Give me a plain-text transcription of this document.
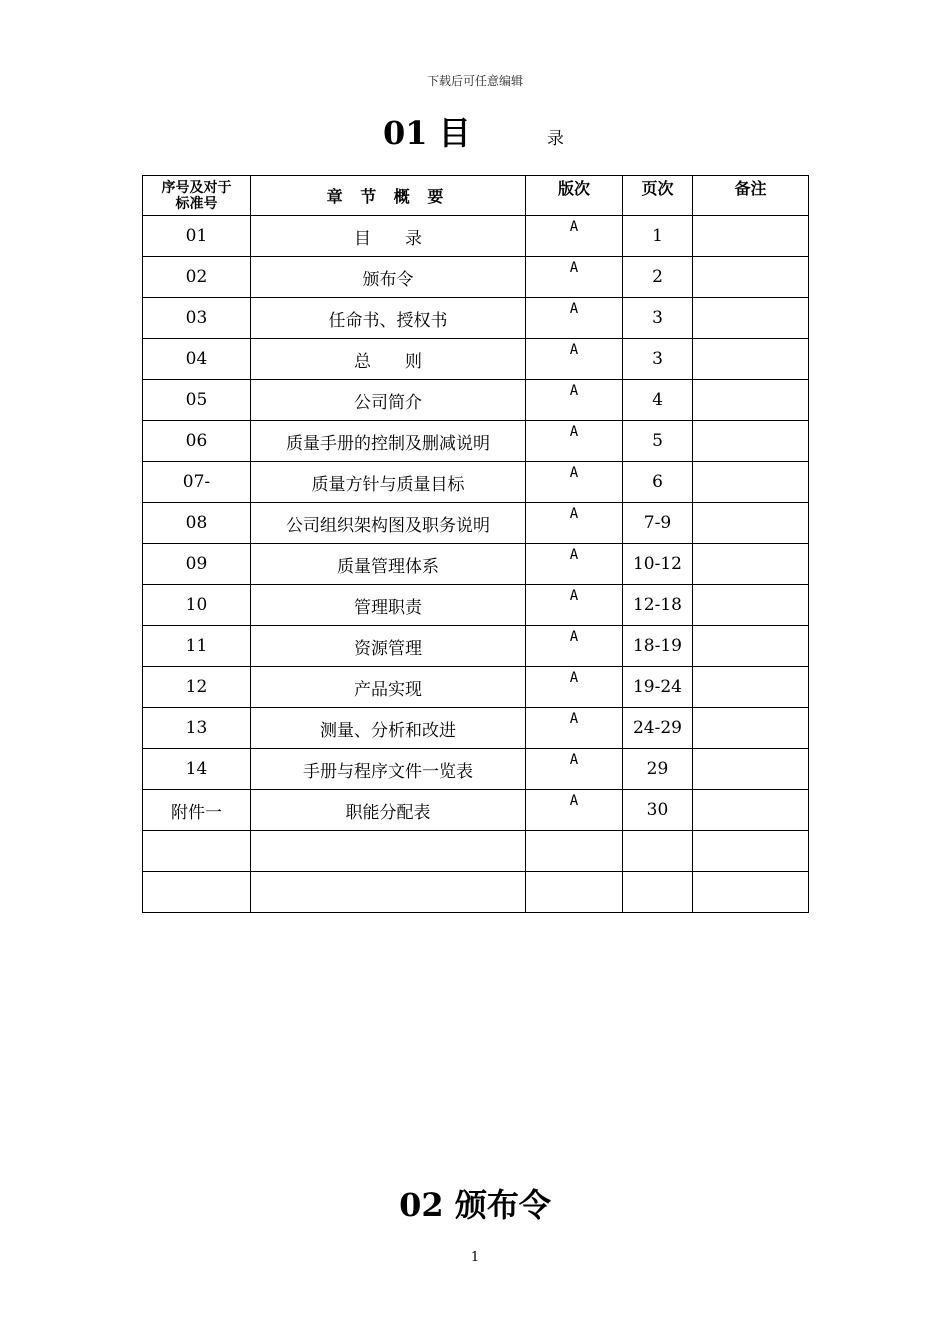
下载后可任意编辑
01 目	录
序号及对于
标准号	章 节 概 要	版次	页次	备注
01	目　　录	A	1	
02	颁布令	A	2	
03	任命书、授权书	A	3	
04	总　　则	A	3	
05	公司简介	A	4	
06	质量手册的控制及删减说明	A	5	
07-	质量方针与质量目标	A	6	
08	公司组织架构图及职务说明	A	7-9	
09	质量管理体系	A	10-12	
10	管理职责	A	12-18	
11	资源管理	A	18-19	
12	产品实现	A	19-24	
13	测量、分析和改进	A	24-29	
14	手册与程序文件一览表	A	29	
附件一	职能分配表	A	30	

02 颁布令
1
